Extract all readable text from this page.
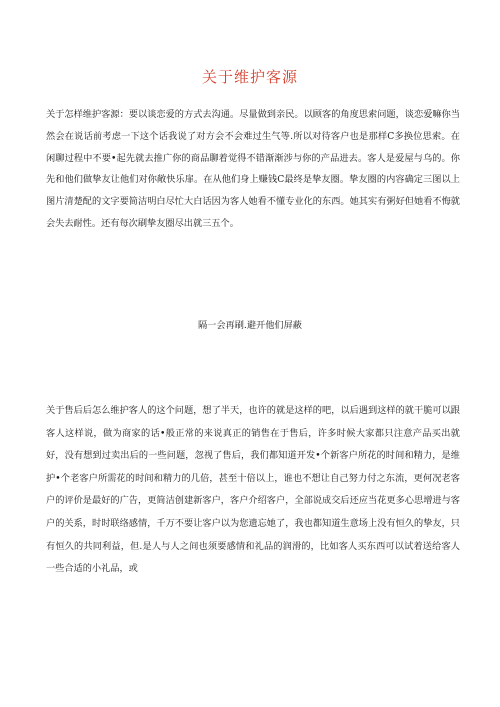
关于维护客源

关于怎样维护客源：要以谈恋爱的方式去沟通。尽量做到亲民。以顾客的角度思索问题，谈恋爱嘛你当然会在说话前考虑一下这个话我说了对方会不会难过生气等.所以对待客户也是那样C多换位思索。在闲聊过程中不要•起先就去推广你的商品聊着觉得不错渐渐涉与你的产品进去。客人是爱屋与乌的。你先和他们做挚友让他们对你敞快乐扉。在从他们身上赚钱C最终是挚友圈。挚友圈的内容确定三图以上图片清楚配的文字要简洁明白尽忙大白话因为客人她看不懂专业化的东西。她其实有粥好但她看不悔就会失去耐性。还有每次刷挚友圈尽出就三五个。

隔一会再刷.避开他们屏蔽

关于售后后怎么维护客人的这个问题，想了半天，也许的就是这样的吧，以后遇到这样的就干脆可以跟客人这样说，做为商家的话•般正常的来说真正的销售在于售后，许多时候大家都只注意产品买出就好，没有想到过卖出后的一些问题，忽视了售后，我们都知道开发•个新客户所花的时间和精力，是维护•个老客户所需花的时间和精力的几倍，甚至十倍以上，谁也不想让自己努力付之东流，更何况老客户的评价是最好的广告，更简洁创建新客户，客户介绍客户，全部说成交后还应当花更多心思增进与客户的关系，时时联络感情，千万不要让客户以为您遗忘她了，我也都知道生意场上没有恒久的挚友，只有恒久的共同利益，但.是人与人之间也须要感情和礼品的润滑的，比如客人买东西可以试着送给客人一些合适的小礼品，或
